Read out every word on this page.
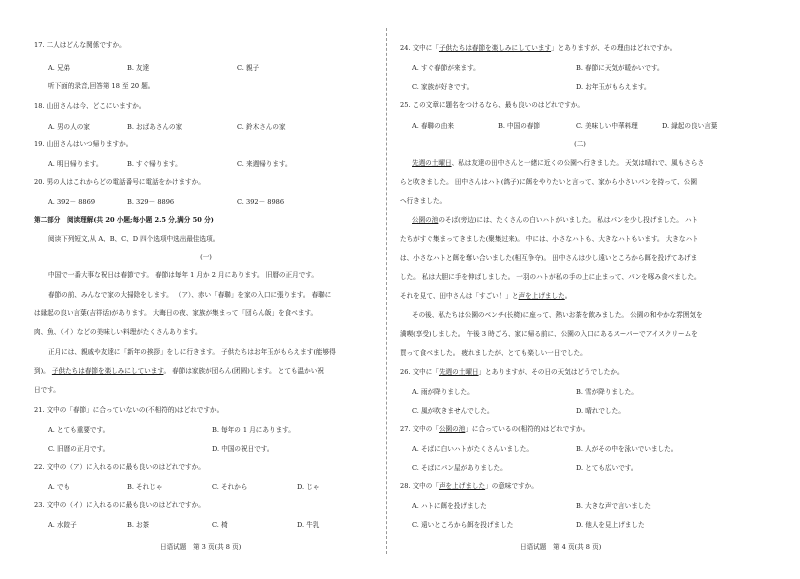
17. 二人はどんな関係ですか。
A. 兄弟	B. 友達	C. 親子
听下面的录音,回答第 18 至 20 题。
18. 山田さんは今、どこにいますか。
A. 男の人の家	B. おばあさんの家	C. 鈴木さんの家
19. 山田さんはいつ帰りますか。
A. 明日帰ります。	B. すぐ帰ります。	C. 来週帰ります。
20. 男の人はこれからどの電話番号に電話をかけますか。
A. 392－ 8869	B. 329－ 8896	C. 392－ 8986
第二部分　阅读理解(共 20 小题;每小题 2.5 分,满分 50 分)
阅读下列短文,从 A、B、C、D 四个选项中选出最佳选项。
(一)
中国で一番大事な祝日は春節です。 春節は毎年 1 月か 2 月にあります。 旧暦の正月です。
春節の前、みんなで家の大掃除をします。 （ア）、赤い「春聯」を家の入口に張ります。 春聯に
は縁起の良い言葉(吉祥话)があります。 大晦日の夜、家族が集まって「団らん飯」を食べます。
肉、魚、（イ）などの美味しい料理がたくさんあります。
正月には、親戚や友達に「新年の挨拶」をしに行きます。 子供たちはお年玉がもらえます(能够得
到)。 子供たちは春節を楽しみにしています。 春節は家族が団らん(团圆)します。 とても温かい祝
日です。
21. 文中の「春節」に合っていないの(不相符的)はどれですか。
A. とても重要です。	B. 毎年の 1 月にあります。
C. 旧暦の正月です。	D. 中国の祝日です。
22. 文中の（ア）に入れるのに最も良いのはどれですか。
A. でも	B. それじゃ	C. それから	D. じゃ
23. 文中の（イ）に入れるのに最も良いのはどれですか。
A. 水餃子	B. お茶	C. 椅	D. 牛乳
日语试题　第 3 页(共 8 页)
24. 文中に「子供たちは春節を楽しみにしています」とありますが、その理由はどれですか。
A. すぐ春節が来ます。	B. 春節に天気が暖かいです。
C. 家族が好きです。	D. お年玉がもらえます。
25. この文章に題名をつけるなら、最も良いのはどれですか。
A. 春聯の由来	B. 中国の春節	C. 美味しい中華料理	D. 縁起の良い言葉
(二)
先週の土曜日、私は友達の田中さんと一緒に近くの公園へ行きました。 天気は晴れで、風もさらさ
らと吹きました。 田中さんはハト(鸽子)に餌をやりたいと言って、家から小さいパンを持って、公園
へ行きました。
公園の池のそば(旁边)には、たくさんの白いハトがいました。 私はパンを少し投げました。 ハト
たちがすぐ集まってきました(聚集过来)。 中には、小さなハトも、大きなハトもいます。 大きなハト
は、小さなハトと餌を奪い合いました(相互争夺)。 田中さんは少し遠いところから餌を投げてあげま
した。 私は大胆に手を伸ばしました。 一羽のハトが私の手の上に止まって、パンを啄み食べました。
それを見て、田中さんは「すごい！」と声を上げました。
その後、私たちは公園のベンチ(长椅)に座って、熱いお茶を飲みました。 公園の和やかな雰囲気を
満喫(享受)しました。 午後 3 時ごろ、家に帰る前に、公園の入口にあるスーパーでアイスクリームを
買って食べました。 疲れましたが、とても楽しい一日でした。
26. 文中に「先週の土曜日」とありますが、その日の天気はどうでしたか。
A. 雨が降りました。	B. 雪が降りました。
C. 風が吹きませんでした。	D. 晴れでした。
27. 文中の「公園の池」に合っているの(相符的)はどれですか。
A. そばに白いハトがたくさんいました。	B. 人がその中を泳いでいました。
C. そばにパン屋がありました。	D. とても広いです。
28. 文中の「声を上げました」の意味ですか。
A. ハトに餌を投げました	B. 大きな声で言いました
C. 遠いところから餌を投げました	D. 他人を見上げました
日语试题　第 4 页(共 8 页)
